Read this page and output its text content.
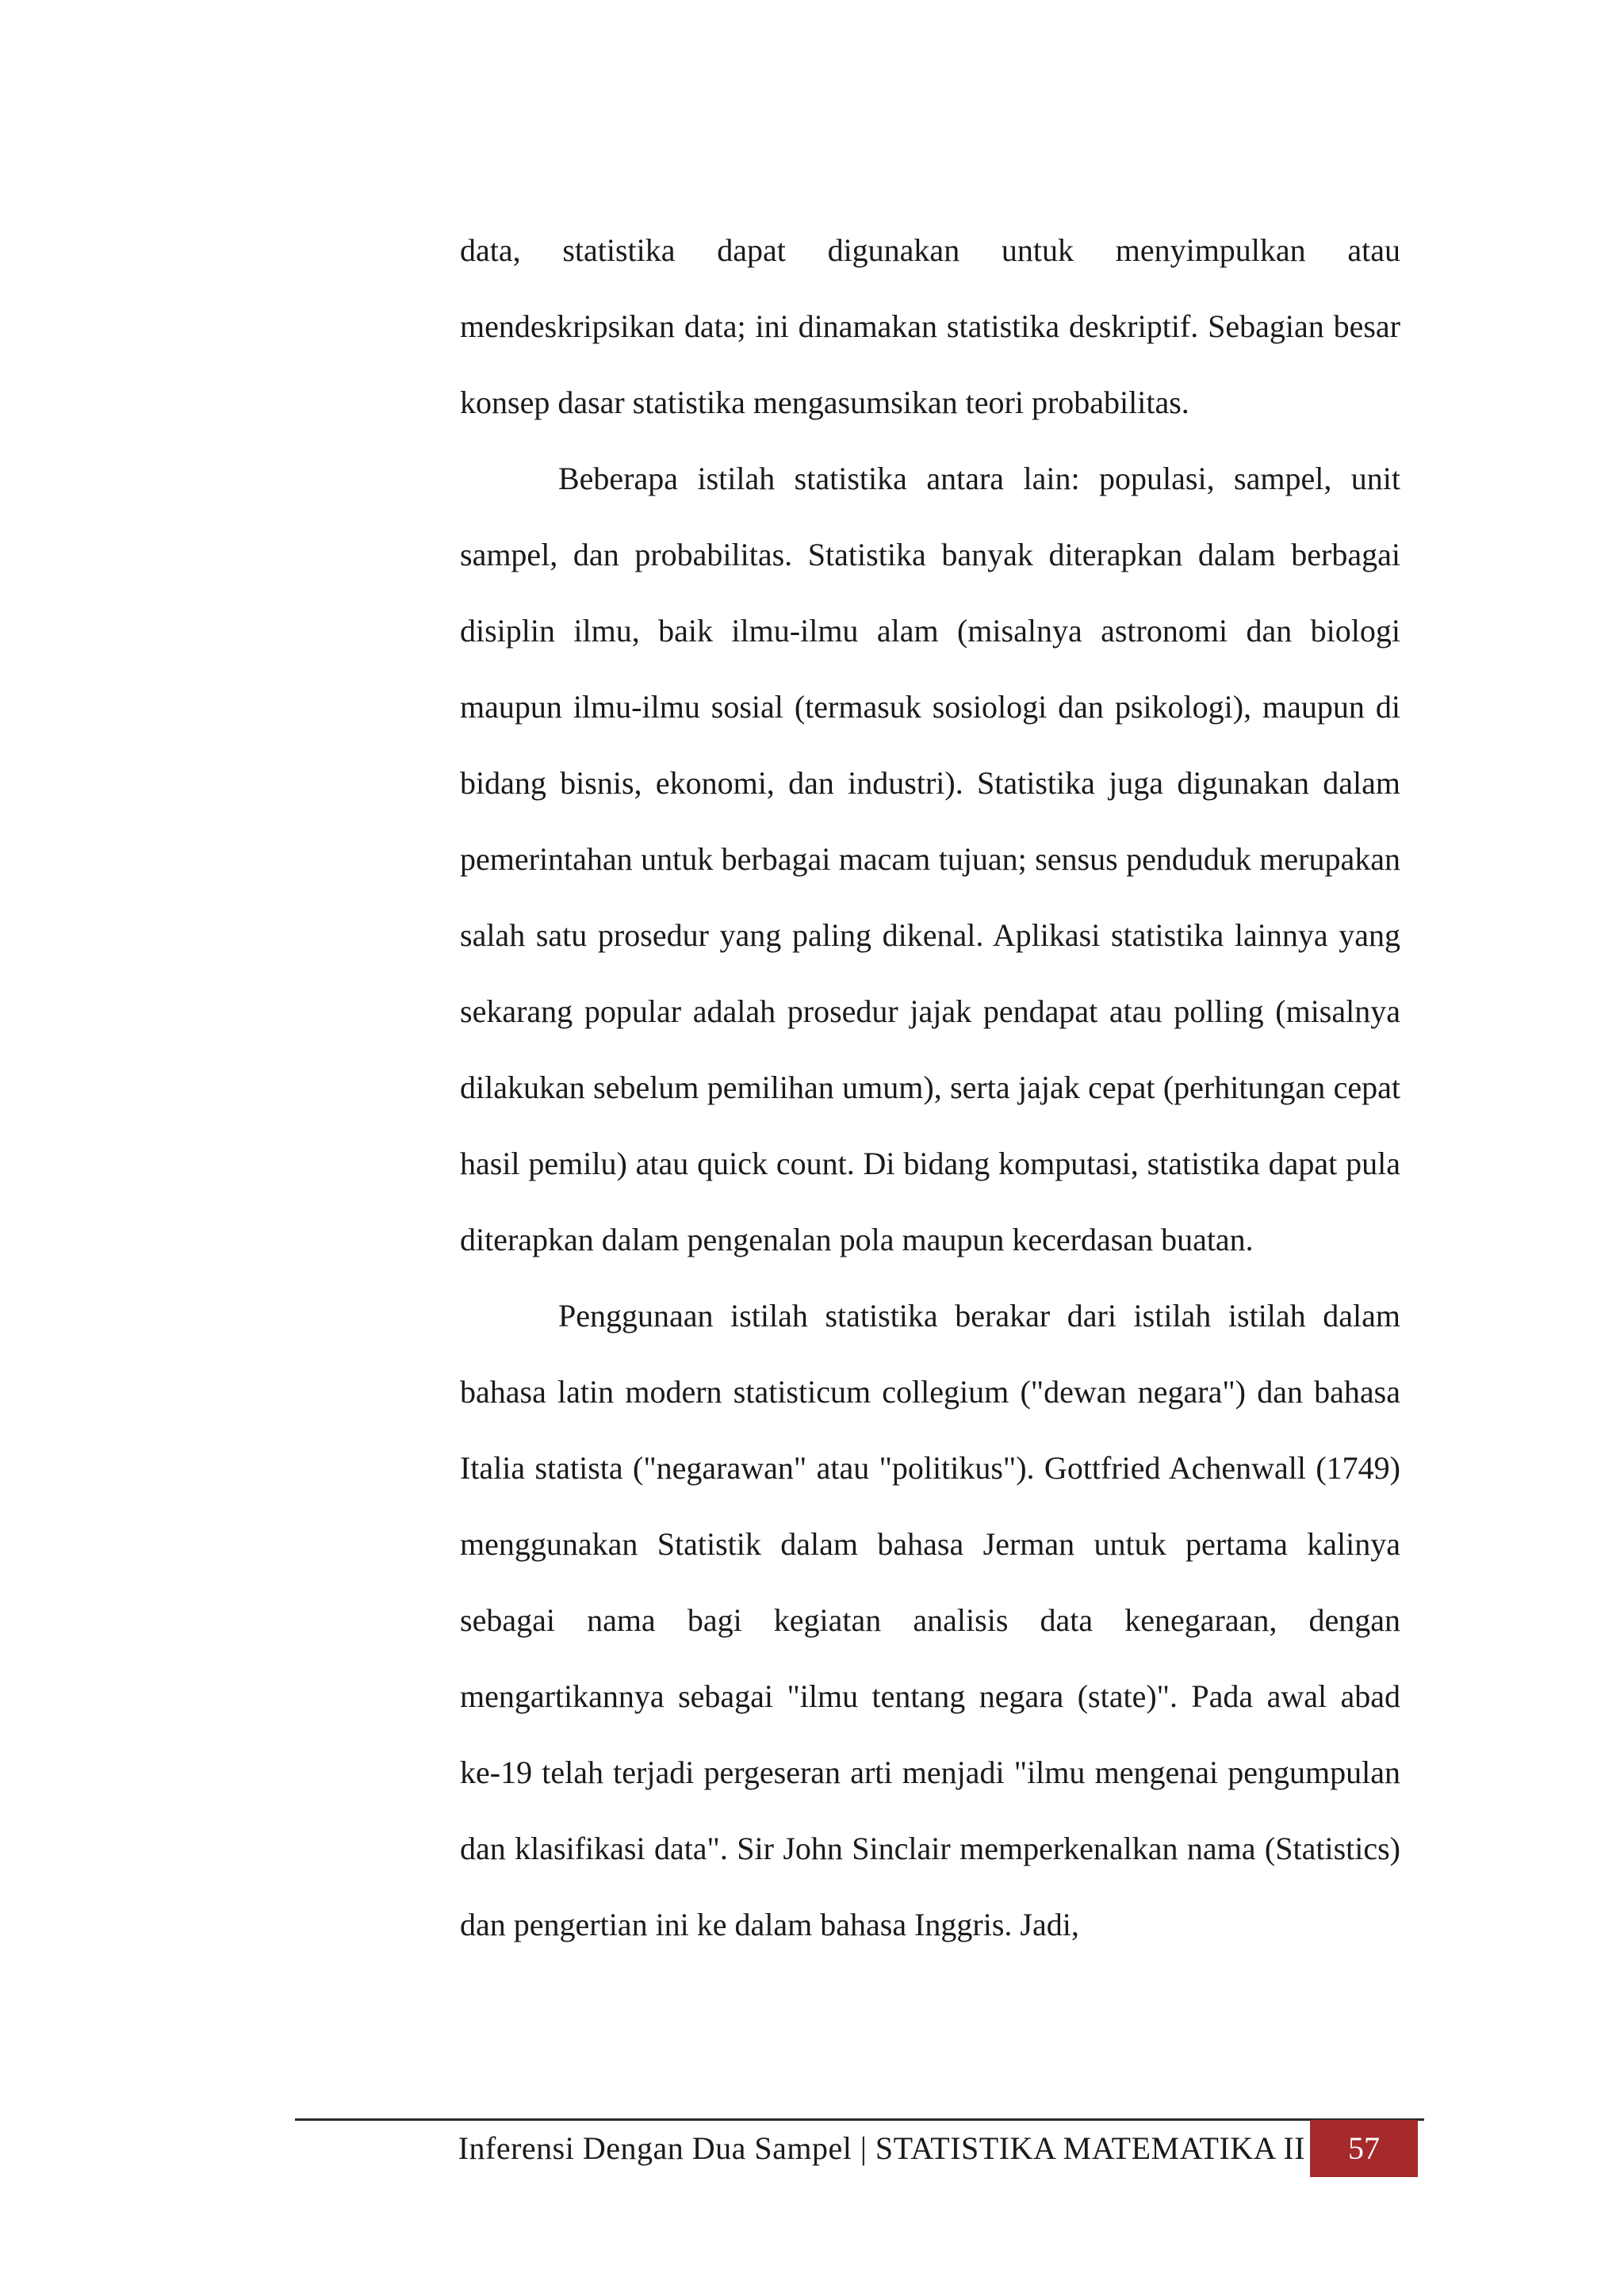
data, statistika dapat digunakan untuk menyimpulkan atau mendeskripsikan data; ini dinamakan statistika deskriptif. Sebagian besar konsep dasar statistika mengasumsikan teori probabilitas.

Beberapa istilah statistika antara lain: populasi, sampel, unit sampel, dan probabilitas. Statistika banyak diterapkan dalam berbagai disiplin ilmu, baik ilmu-ilmu alam (misalnya astronomi dan biologi maupun ilmu-ilmu sosial (termasuk sosiologi dan psikologi), maupun di bidang bisnis, ekonomi, dan industri). Statistika juga digunakan dalam pemerintahan untuk berbagai macam tujuan; sensus penduduk merupakan salah satu prosedur yang paling dikenal. Aplikasi statistika lainnya yang sekarang popular adalah prosedur jajak pendapat atau polling (misalnya dilakukan sebelum pemilihan umum), serta jajak cepat (perhitungan cepat hasil pemilu) atau quick count. Di bidang komputasi, statistika dapat pula diterapkan dalam pengenalan pola maupun kecerdasan buatan.

Penggunaan istilah statistika berakar dari istilah istilah dalam bahasa latin modern statisticum collegium ("dewan negara") dan bahasa Italia statista ("negarawan" atau "politikus"). Gottfried Achenwall (1749) menggunakan Statistik dalam bahasa Jerman untuk pertama kalinya sebagai nama bagi kegiatan analisis data kenegaraan, dengan mengartikannya sebagai "ilmu tentang negara (state)". Pada awal abad ke-19 telah terjadi pergeseran arti menjadi "ilmu mengenai pengumpulan dan klasifikasi data". Sir John Sinclair memperkenalkan nama (Statistics) dan pengertian ini ke dalam bahasa Inggris. Jadi,

Inferensi Dengan Dua Sampel | STATISTIKA MATEMATIKA II	57
